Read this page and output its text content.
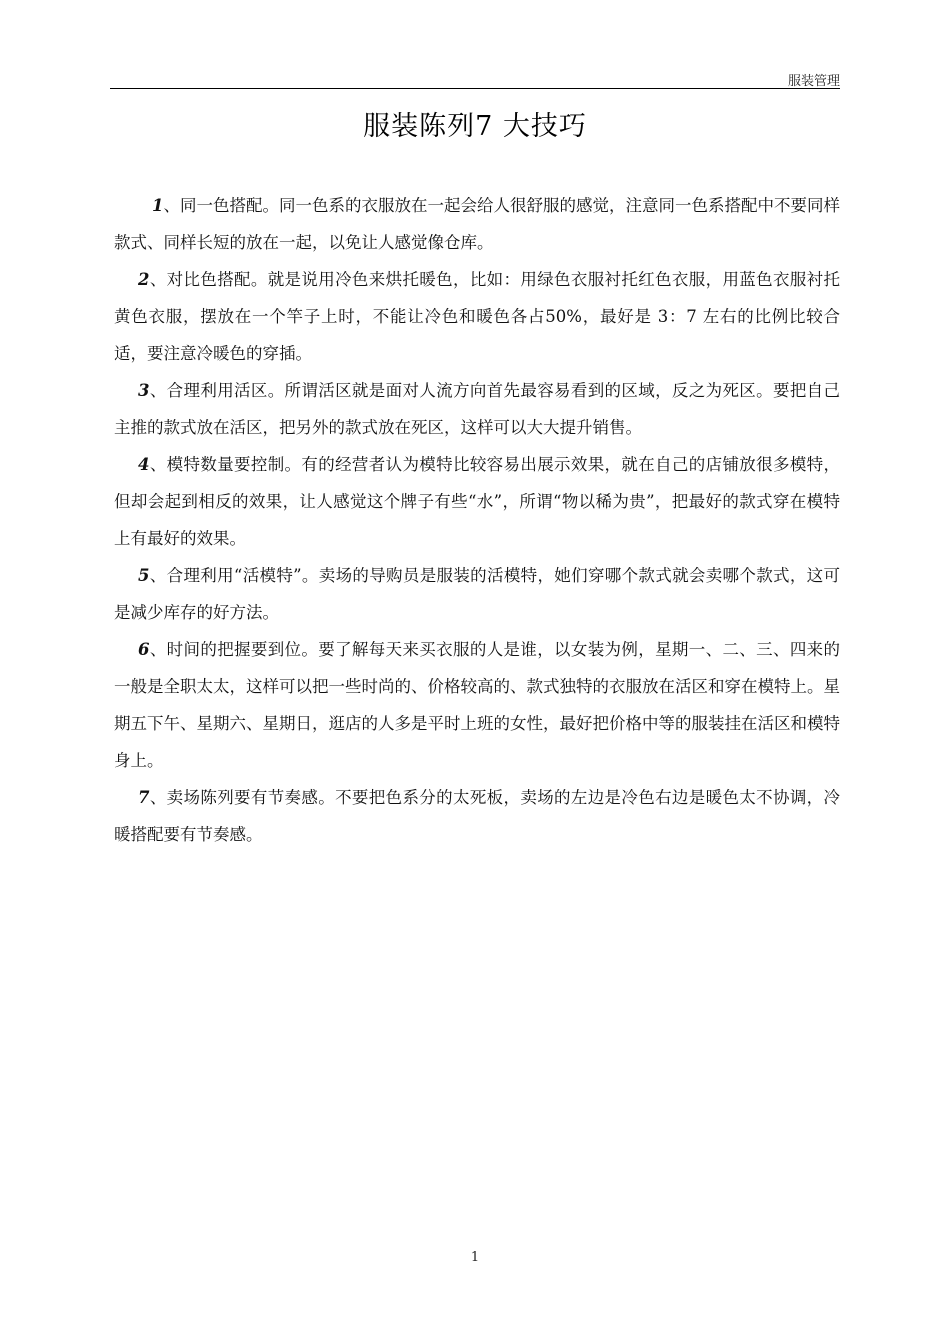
服装管理
服装陈列7 大技巧

1、同一色搭配。同一色系的衣服放在一起会给人很舒服的感觉，注意同一色系搭配中不要同样款式、同样长短的放在一起，以免让人感觉像仓库。

2、对比色搭配。就是说用冷色来烘托暖色，比如：用绿色衣服衬托红色衣服，用蓝色衣服衬托黄色衣服，摆放在一个竿子上时，不能让冷色和暖色各占50%，最好是 3：7 左右的比例比较合适，要注意冷暖色的穿插。

3、合理利用活区。所谓活区就是面对人流方向首先最容易看到的区域，反之为死区。要把自己主推的款式放在活区，把另外的款式放在死区，这样可以大大提升销售。

4、模特数量要控制。有的经营者认为模特比较容易出展示效果，就在自己的店铺放很多模特，但却会起到相反的效果，让人感觉这个牌子有些“水”，所谓“物以稀为贵”，把最好的款式穿在模特上有最好的效果。

5、合理利用“活模特”。卖场的导购员是服装的活模特，她们穿哪个款式就会卖哪个款式，这可是减少库存的好方法。

6、时间的把握要到位。要了解每天来买衣服的人是谁，以女装为例，星期一、二、三、四来的一般是全职太太，这样可以把一些时尚的、价格较高的、款式独特的衣服放在活区和穿在模特上。星期五下午、星期六、星期日，逛店的人多是平时上班的女性，最好把价格中等的服装挂在活区和模特身上。

7、卖场陈列要有节奏感。不要把色系分的太死板，卖场的左边是冷色右边是暖色太不协调，冷暖搭配要有节奏感。

1
